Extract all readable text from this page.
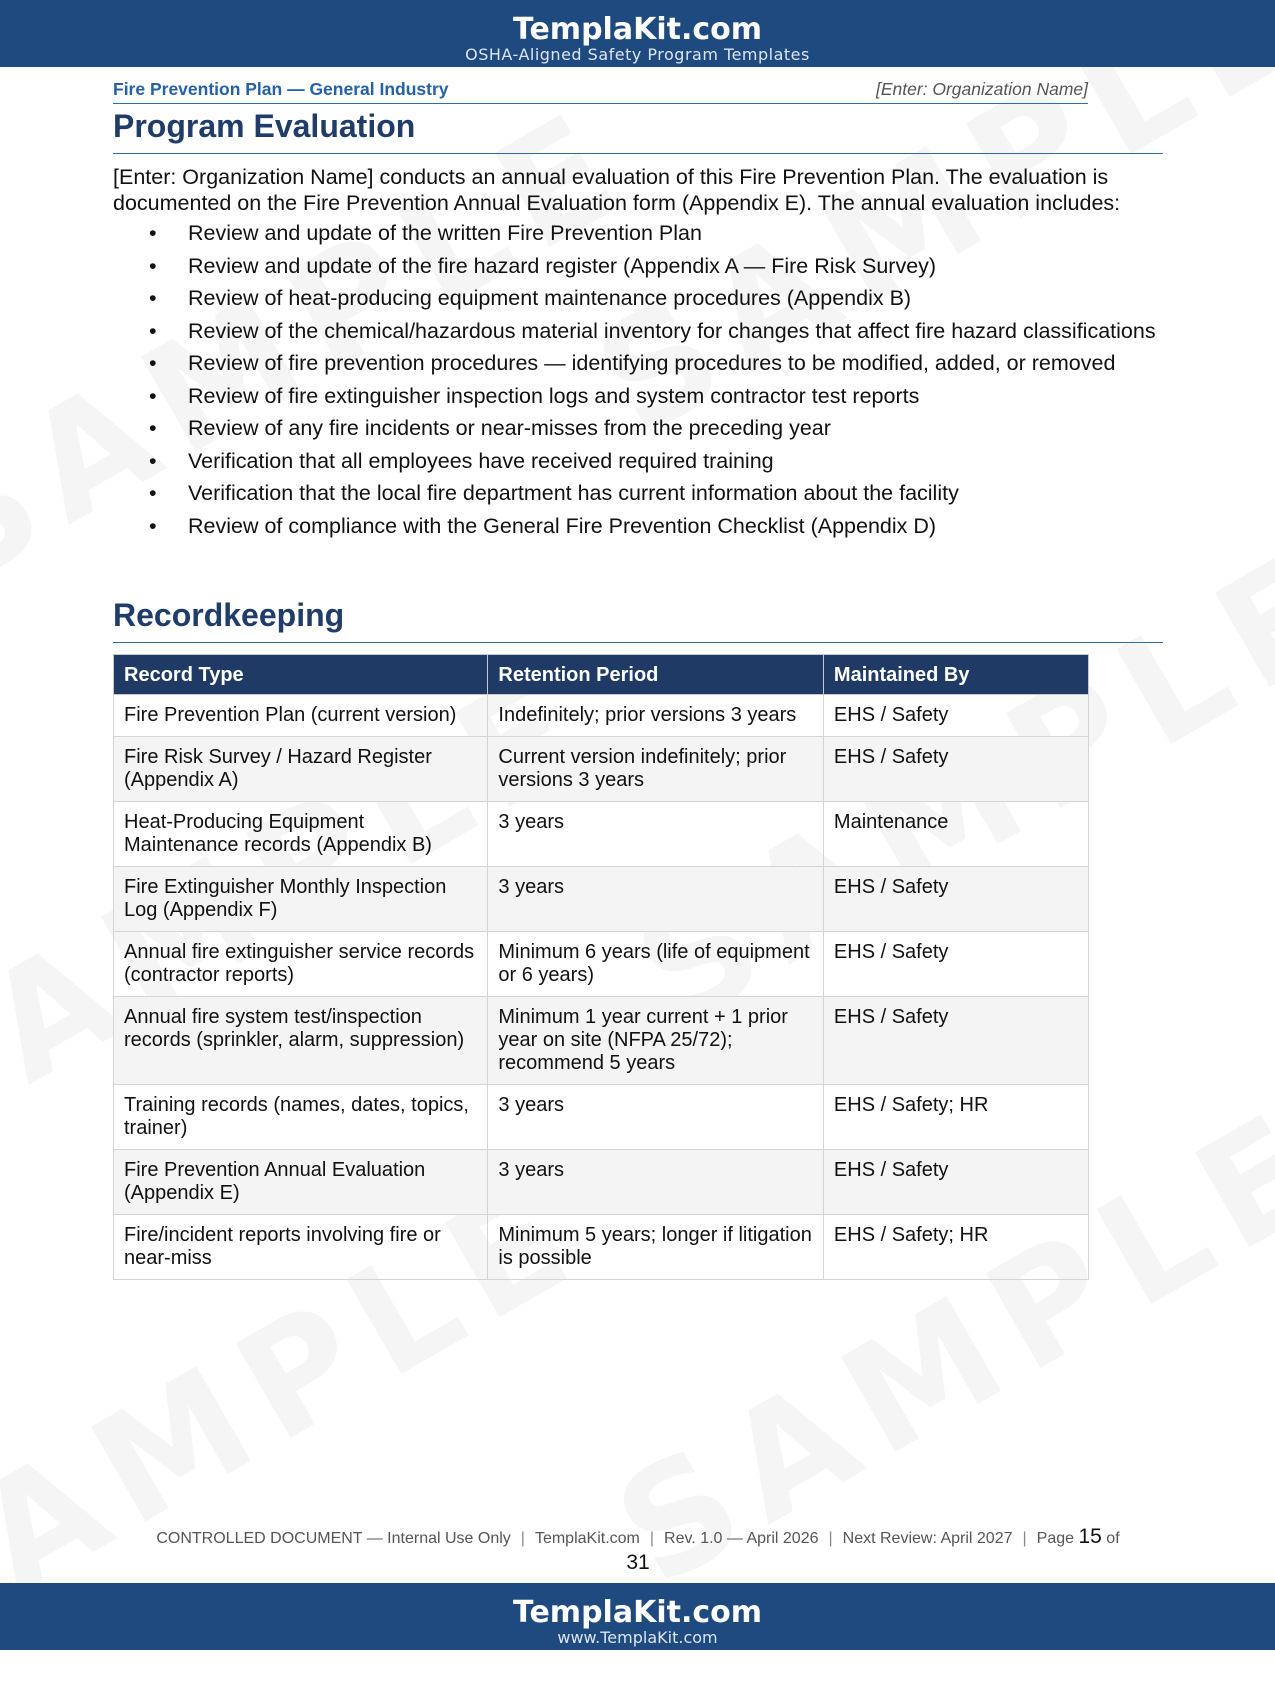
TemplaKit.com
OSHA-Aligned Safety Program Templates
Fire Prevention Plan — General Industry	[Enter: Organization Name]
Program Evaluation

[Enter: Organization Name] conducts an annual evaluation of this Fire Prevention Plan. The evaluation is documented on the Fire Prevention Annual Evaluation form (Appendix E). The annual evaluation includes:

• Review and update of the written Fire Prevention Plan
• Review and update of the fire hazard register (Appendix A — Fire Risk Survey)
• Review of heat-producing equipment maintenance procedures (Appendix B)
• Review of the chemical/hazardous material inventory for changes that affect fire hazard classifications
• Review of fire prevention procedures — identifying procedures to be modified, added, or removed
• Review of fire extinguisher inspection logs and system contractor test reports
• Review of any fire incidents or near-misses from the preceding year
• Verification that all employees have received required training
• Verification that the local fire department has current information about the facility
• Review of compliance with the General Fire Prevention Checklist (Appendix D)
Recordkeeping
Record Type	Retention Period	Maintained By
Fire Prevention Plan (current version)	Indefinitely; prior versions 3 years	EHS / Safety
Fire Risk Survey / Hazard Register (Appendix A)	Current version indefinitely; prior versions 3 years	EHS / Safety
Heat-Producing Equipment Maintenance records (Appendix B)	3 years	Maintenance
Fire Extinguisher Monthly Inspection Log (Appendix F)	3 years	EHS / Safety
Annual fire extinguisher service records (contractor reports)	Minimum 6 years (life of equipment or 6 years)	EHS / Safety
Annual fire system test/inspection records (sprinkler, alarm, suppression)	Minimum 1 year current + 1 prior year on site (NFPA 25/72); recommend 5 years	EHS / Safety
Training records (names, dates, topics, trainer)	3 years	EHS / Safety; HR
Fire Prevention Annual Evaluation (Appendix E)	3 years	EHS / Safety
Fire/incident reports involving fire or near-miss	Minimum 5 years; longer if litigation is possible	EHS / Safety; HR
CONTROLLED DOCUMENT — Internal Use Only | TemplaKit.com | Rev. 1.0 — April 2026 | Next Review: April 2027 | Page 15 of
31
TemplaKit.com
www.TemplaKit.com
